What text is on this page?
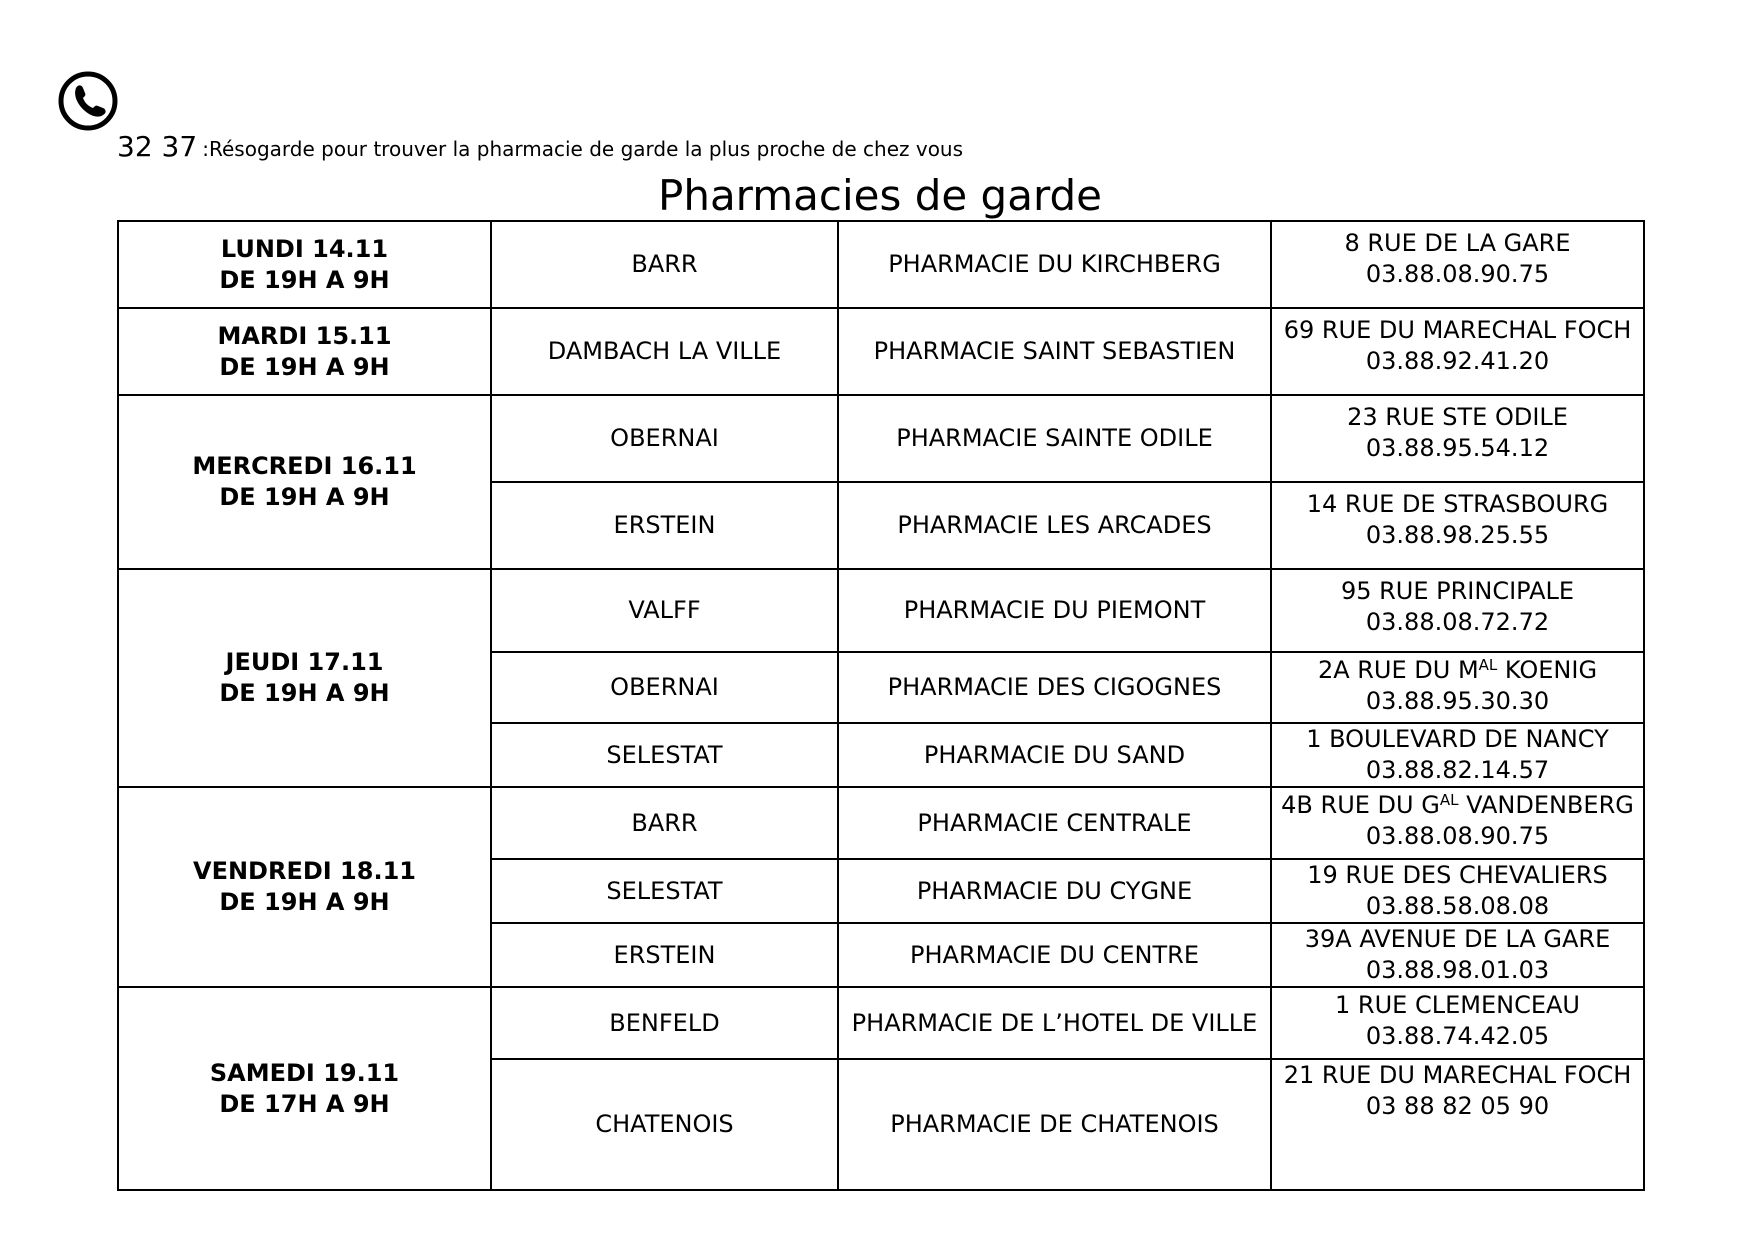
32 37 :Résogarde pour trouver la pharmacie de garde la plus proche de chez vous
Pharmacies de garde
LUNDI 14.11
DE 19H A 9H	BARR	PHARMACIE DU KIRCHBERG	8 RUE DE LA GARE
03.88.08.90.75

MARDI 15.11
DE 19H A 9H	DAMBACH LA VILLE	PHARMACIE SAINT SEBASTIEN	69 RUE DU MARECHAL FOCH
03.88.92.41.20

MERCREDI 16.11
DE 19H A 9H	OBERNAI	PHARMACIE SAINTE ODILE	23 RUE STE ODILE
03.88.95.54.12

	ERSTEIN	PHARMACIE LES ARCADES	14 RUE DE STRASBOURG
03.88.98.25.55

JEUDI 17.11
DE 19H A 9H	VALFF	PHARMACIE DU PIEMONT	95 RUE PRINCIPALE
03.88.08.72.72

	OBERNAI	PHARMACIE DES CIGOGNES	2A RUE DU $M^{AL}$ KOENIG
03.88.95.30.30

	SELESTAT	PHARMACIE DU SAND	1 BOULEVARD DE NANCY
03.88.82.14.57

VENDREDI 18.11
DE 19H A 9H	BARR	PHARMACIE CENTRALE	4B RUE DU $G^{AL}$ VANDENBERG
03.88.08.90.75

	SELESTAT	PHARMACIE DU CYGNE	19 RUE DES CHEVALIERS
03.88.58.08.08

	ERSTEIN	PHARMACIE DU CENTRE	39A AVENUE DE LA GARE
03.88.98.01.03

SAMEDI 19.11
DE 17H A 9H	BENFELD	PHARMACIE DE L’HOTEL DE VILLE	1 RUE CLEMENCEAU
03.88.74.42.05

	CHATENOIS	PHARMACIE DE CHATENOIS	21 RUE DU MARECHAL FOCH
03 88 82 05 90
